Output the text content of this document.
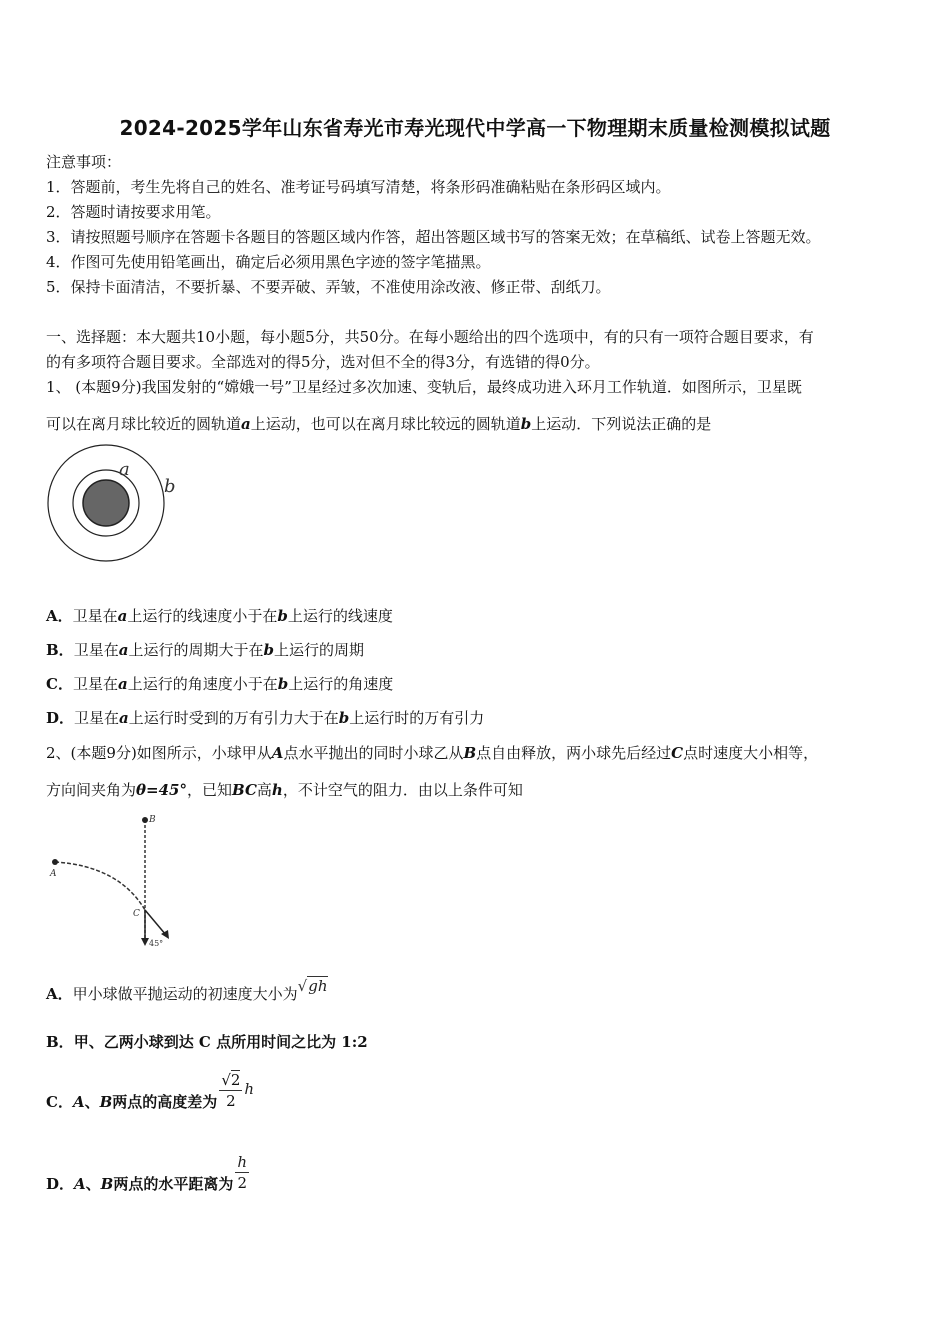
2024-2025学年山东省寿光市寿光现代中学高一下物理期末质量检测模拟试题
注意事项：
1．答题前，考生先将自己的姓名、准考证号码填写清楚，将条形码准确粘贴在条形码区域内。
2．答题时请按要求用笔。
3．请按照题号顺序在答题卡各题目的答题区域内作答，超出答题区域书写的答案无效；在草稿纸、试卷上答题无效。
4．作图可先使用铅笔画出，确定后必须用黑色字迹的签字笔描黑。
5．保持卡面清洁，不要折暴、不要弄破、弄皱，不准使用涂改液、修正带、刮纸刀。
一、选择题：本大题共10小题，每小题5分，共50分。在每小题给出的四个选项中，有的只有一项符合题目要求，有
的有多项符合题目要求。全部选对的得5分，选对但不全的得3分，有选错的得0分。
1、 (本题9分)我国发射的“嫦娥一号”卫星经过多次加速、变轨后，最终成功进入环月工作轨道．如图所示，卫星既
可以在离月球比较近的圆轨道a上运动，也可以在离月球比较远的圆轨道b上运动．下列说法正确的是
a
b
A．卫星在a上运行的线速度小于在b上运行的线速度
B．卫星在a上运行的周期大于在b上运行的周期
C．卫星在a上运行的角速度小于在b上运行的角速度
D．卫星在a上运行时受到的万有引力大于在b上运行时的万有引力
2、(本题9分)如图所示，小球甲从A点水平抛出的同时小球乙从B点自由释放，两小球先后经过C点时速度大小相等，
方向间夹角为θ=45°，已知BC高h，不计空气的阻力．由以上条件可知
B
A
C
45°
A．甲小球做平抛运动的初速度大小为√gh
B．甲、乙两小球到达 C 点所用时间之比为 1:2
C．A、B两点的高度差为 $\frac{√2}{2}$ h
D．A、B两点的水平距离为 $\frac{h}{2}$
